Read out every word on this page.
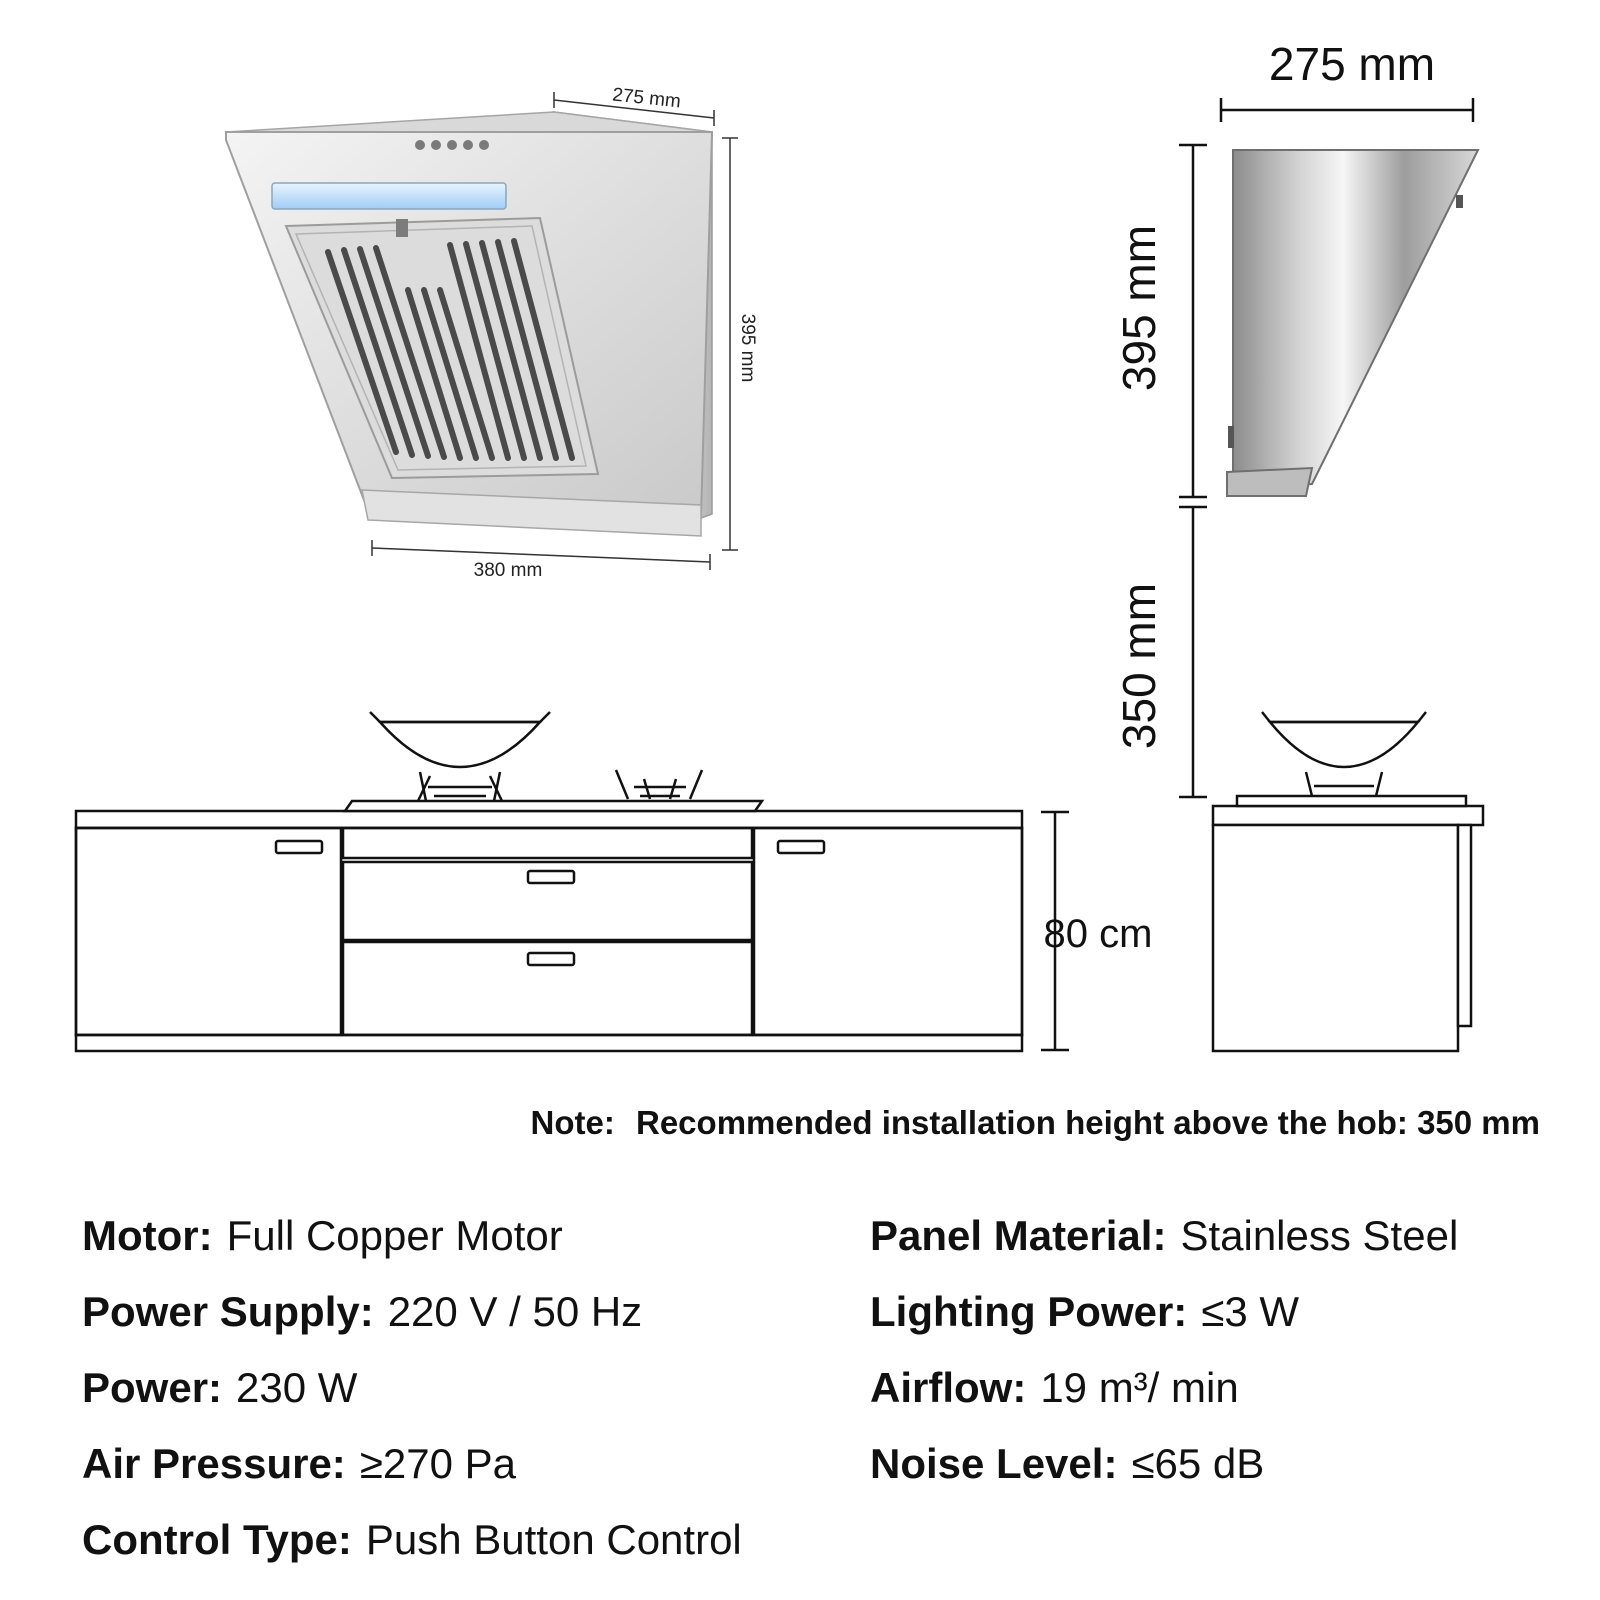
275 mm
395 mm
380 mm
275 mm
395 mm
350 mm
80 cm
Note: Recommended installation height above the hob: 350 mm
Motor: Full Copper Motor
Power Supply: 220 V / 50 Hz
Power: 230 W
Air Pressure: ≥270 Pa
Control Type: Push Button Control
Panel Material: Stainless Steel
Lighting Power: ≤3 W
Airflow: 19 m³/ min
Noise Level: ≤65 dB
